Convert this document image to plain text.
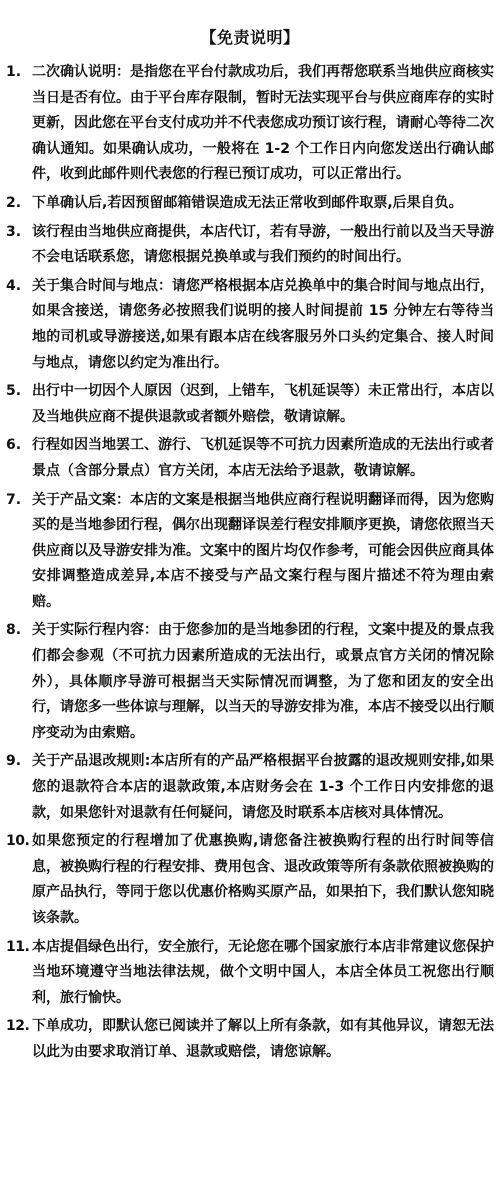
【免责说明】
1. 二次确认说明：是指您在平台付款成功后，我们再帮您联系当地供应商核实当日是否有位。由于平台库存限制，暂时无法实现平台与供应商库存的实时更新，因此您在平台支付成功并不代表您成功预订该行程，请耐心等待二次确认通知。如果确认成功，一般将在 1-2 个工作日内向您发送出行确认邮件，收到此邮件则代表您的行程已预订成功，可以正常出行。
2. 下单确认后,若因预留邮箱错误造成无法正常收到邮件取票,后果自负。
3. 该行程由当地供应商提供，本店代订，若有导游，一般出行前以及当天导游不会电话联系您，请您根据兑换单或与我们预约的时间出行。
4. 关于集合时间与地点：请您严格根据本店兑换单中的集合时间与地点出行，如果含接送，请您务必按照我们说明的接人时间提前 15 分钟左右等待当地的司机或导游接送,如果有跟本店在线客服另外口头约定集合、接人时间与地点，请您以约定为准出行。
5. 出行中一切因个人原因（迟到，上错车，飞机延误等）未正常出行，本店以及当地供应商不提供退款或者额外赔偿，敬请谅解。
6. 行程如因当地罢工、游行、飞机延误等不可抗力因素所造成的无法出行或者景点（含部分景点）官方关闭，本店无法给予退款，敬请谅解。
7. 关于产品文案：本店的文案是根据当地供应商行程说明翻译而得，因为您购买的是当地参团行程，偶尔出现翻译误差行程安排顺序更换，请您依照当天供应商以及导游安排为准。文案中的图片均仅作参考，可能会因供应商具体安排调整造成差异,本店不接受与产品文案行程与图片描述不符为理由索赔。
8. 关于实际行程内容：由于您参加的是当地参团的行程，文案中提及的景点我们都会参观（不可抗力因素所造成的无法出行，或景点官方关闭的情况除外），具体顺序导游可根据当天实际情况而调整，为了您和团友的安全出行，请您多一些体谅与理解，以当天的导游安排为准，本店不接受以出行顺序变动为由索赔。
9. 关于产品退改规则:本店所有的产品严格根据平台披露的退改规则安排,如果您的退款符合本店的退款政策,本店财务会在 1-3 个工作日内安排您的退款，如果您针对退款有任何疑问，请您及时联系本店核对具体情况。
10. 如果您预定的行程增加了优惠换购,请您备注被换购行程的出行时间等信息，被换购行程的行程安排、费用包含、退改政策等所有条款依照被换购的原产品执行，等同于您以优惠价格购买原产品，如果拍下，我们默认您知晓该条款。
11. 本店提倡绿色出行，安全旅行，无论您在哪个国家旅行本店非常建议您保护当地环境遵守当地法律法规，做个文明中国人，本店全体员工祝您出行顺利，旅行愉快。
12. 下单成功，即默认您已阅读并了解以上所有条款，如有其他异议，请恕无法以此为由要求取消订单、退款或赔偿，请您谅解。
